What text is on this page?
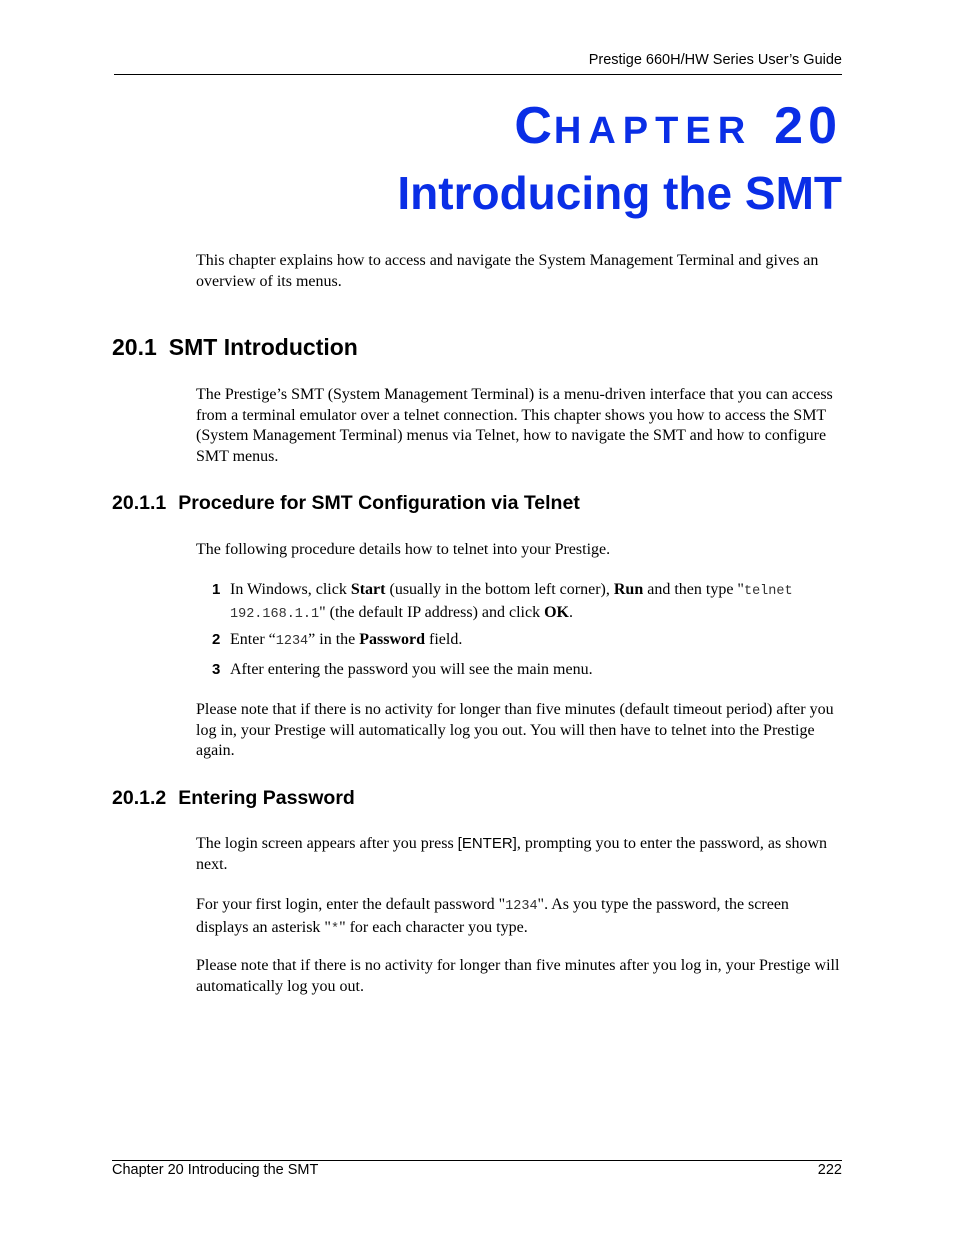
Prestige 660H/HW Series User’s Guide
CHAPTER 20
Introducing the SMT

This chapter explains how to access and navigate the System Management Terminal and gives an overview of its menus.

20.1 SMT Introduction

The Prestige’s SMT (System Management Terminal) is a menu-driven interface that you can access from a terminal emulator over a telnet connection. This chapter shows you how to access the SMT (System Management Terminal) menus via Telnet, how to navigate the SMT and how to configure SMT menus.

20.1.1 Procedure for SMT Configuration via Telnet

The following procedure details how to telnet into your Prestige.

1 In Windows, click Start (usually in the bottom left corner), Run and then type "telnet 192.168.1.1" (the default IP address) and click OK.
2 Enter “1234” in the Password field.
3 After entering the password you will see the main menu.

Please note that if there is no activity for longer than five minutes (default timeout period) after you log in, your Prestige will automatically log you out. You will then have to telnet into the Prestige again.

20.1.2 Entering Password

The login screen appears after you press [ENTER], prompting you to enter the password, as shown next.

For your first login, enter the default password "1234". As you type the password, the screen displays an asterisk "*" for each character you type.

Please note that if there is no activity for longer than five minutes after you log in, your Prestige will automatically log you out.

Chapter 20 Introducing the SMT	222
